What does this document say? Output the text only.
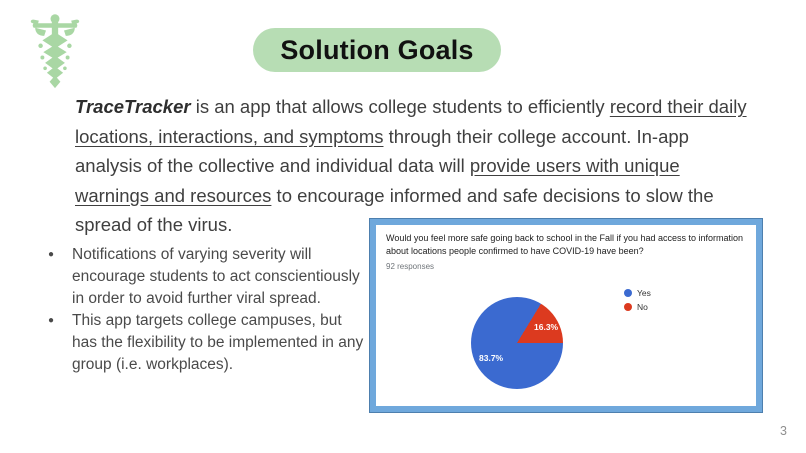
Solution Goals

TraceTracker is an app that allows college students to efficiently record their daily locations, interactions, and symptoms through their college account. In-app analysis of the collective and individual data will provide users with unique warnings and resources to encourage informed and safe decisions to slow the spread of the virus.

● Notifications of varying severity will encourage students to act conscientiously in order to avoid further viral spread.
● This app targets college campuses, but has the flexibility to be implemented in any group (i.e. workplaces).
Would you feel more safe going back to school in the Fall if you had access to information about locations people confirmed to have COVID-19 have been?
92 responses
83.7%
16.3%
Yes
No
3
